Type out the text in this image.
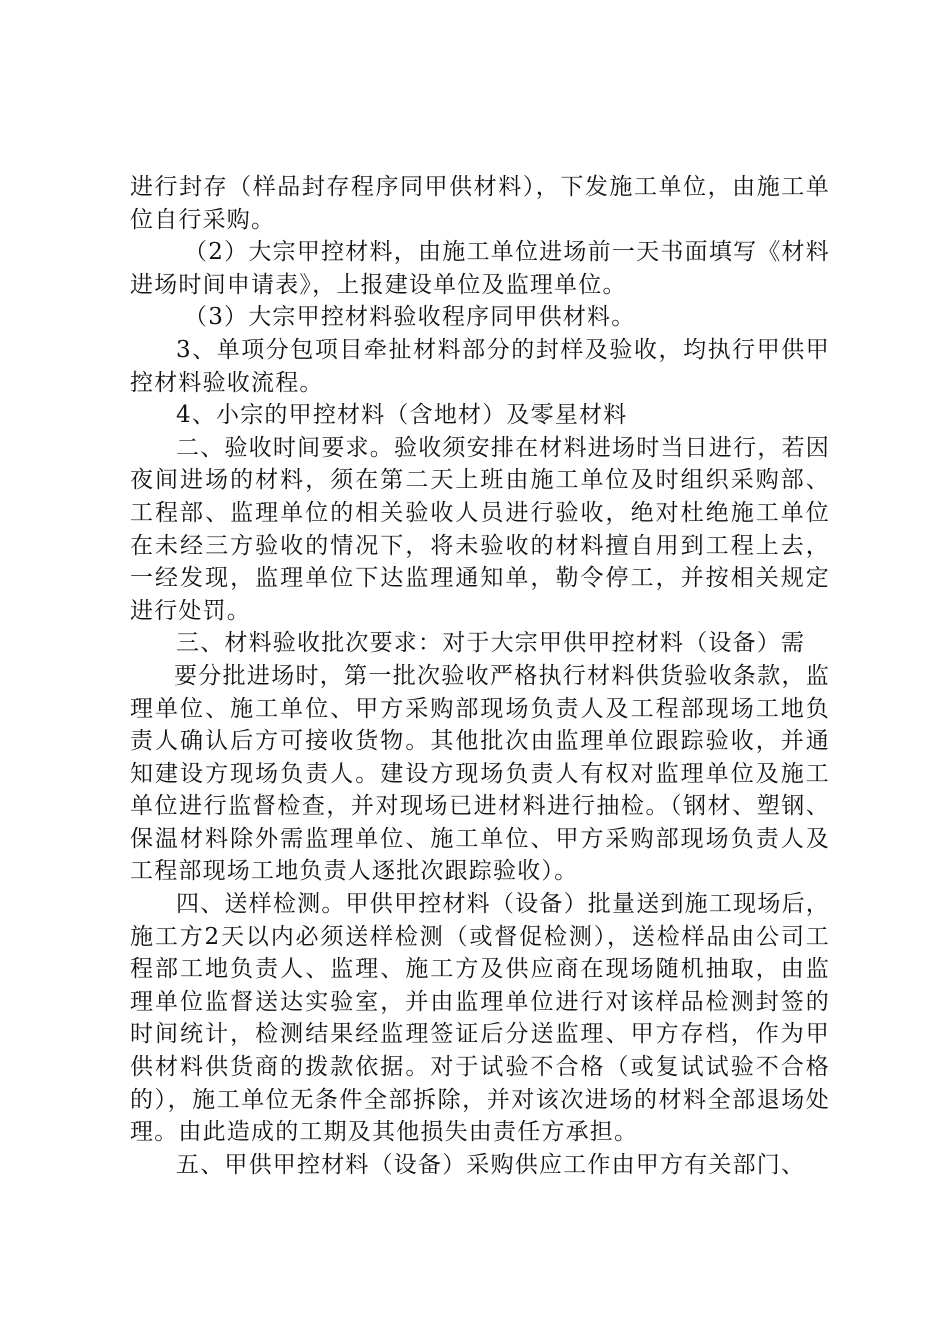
进行封存（样品封存程序同甲供材料），下发施工单位，由施工单位自行采购。

（2）大宗甲控材料，由施工单位进场前一天书面填写《材料进场时间申请表》，上报建设单位及监理单位。

（3）大宗甲控材料验收程序同甲供材料。

3、单项分包项目牵扯材料部分的封样及验收，均执行甲供甲控材料验收流程。

4、小宗的甲控材料（含地材）及零星材料

二、验收时间要求。验收须安排在材料进场时当日进行，若因夜间进场的材料，须在第二天上班由施工单位及时组织采购部、工程部、监理单位的相关验收人员进行验收，绝对杜绝施工单位在未经三方验收的情况下，将未验收的材料擅自用到工程上去，一经发现，监理单位下达监理通知单，勒令停工，并按相关规定进行处罚。

三、材料验收批次要求：对于大宗甲供甲控材料（设备）需

要分批进场时，第一批次验收严格执行材料供货验收条款，监理单位、施工单位、甲方采购部现场负责人及工程部现场工地负责人确认后方可接收货物。其他批次由监理单位跟踪验收，并通知建设方现场负责人。建设方现场负责人有权对监理单位及施工单位进行监督检查，并对现场已进材料进行抽检。（钢材、塑钢、保温材料除外需监理单位、施工单位、甲方采购部现场负责人及工程部现场工地负责人逐批次跟踪验收）。

四、送样检测。甲供甲控材料（设备）批量送到施工现场后，施工方2天以内必须送样检测（或督促检测），送检样品由公司工程部工地负责人、监理、施工方及供应商在现场随机抽取，由监理单位监督送达实验室，并由监理单位进行对该样品检测封签的时间统计，检测结果经监理签证后分送监理、甲方存档，作为甲供材料供货商的拨款依据。对于试验不合格（或复试试验不合格的），施工单位无条件全部拆除，并对该次进场的材料全部退场处理。由此造成的工期及其他损失由责任方承担。

五、甲供甲控材料（设备）采购供应工作由甲方有关部门、
